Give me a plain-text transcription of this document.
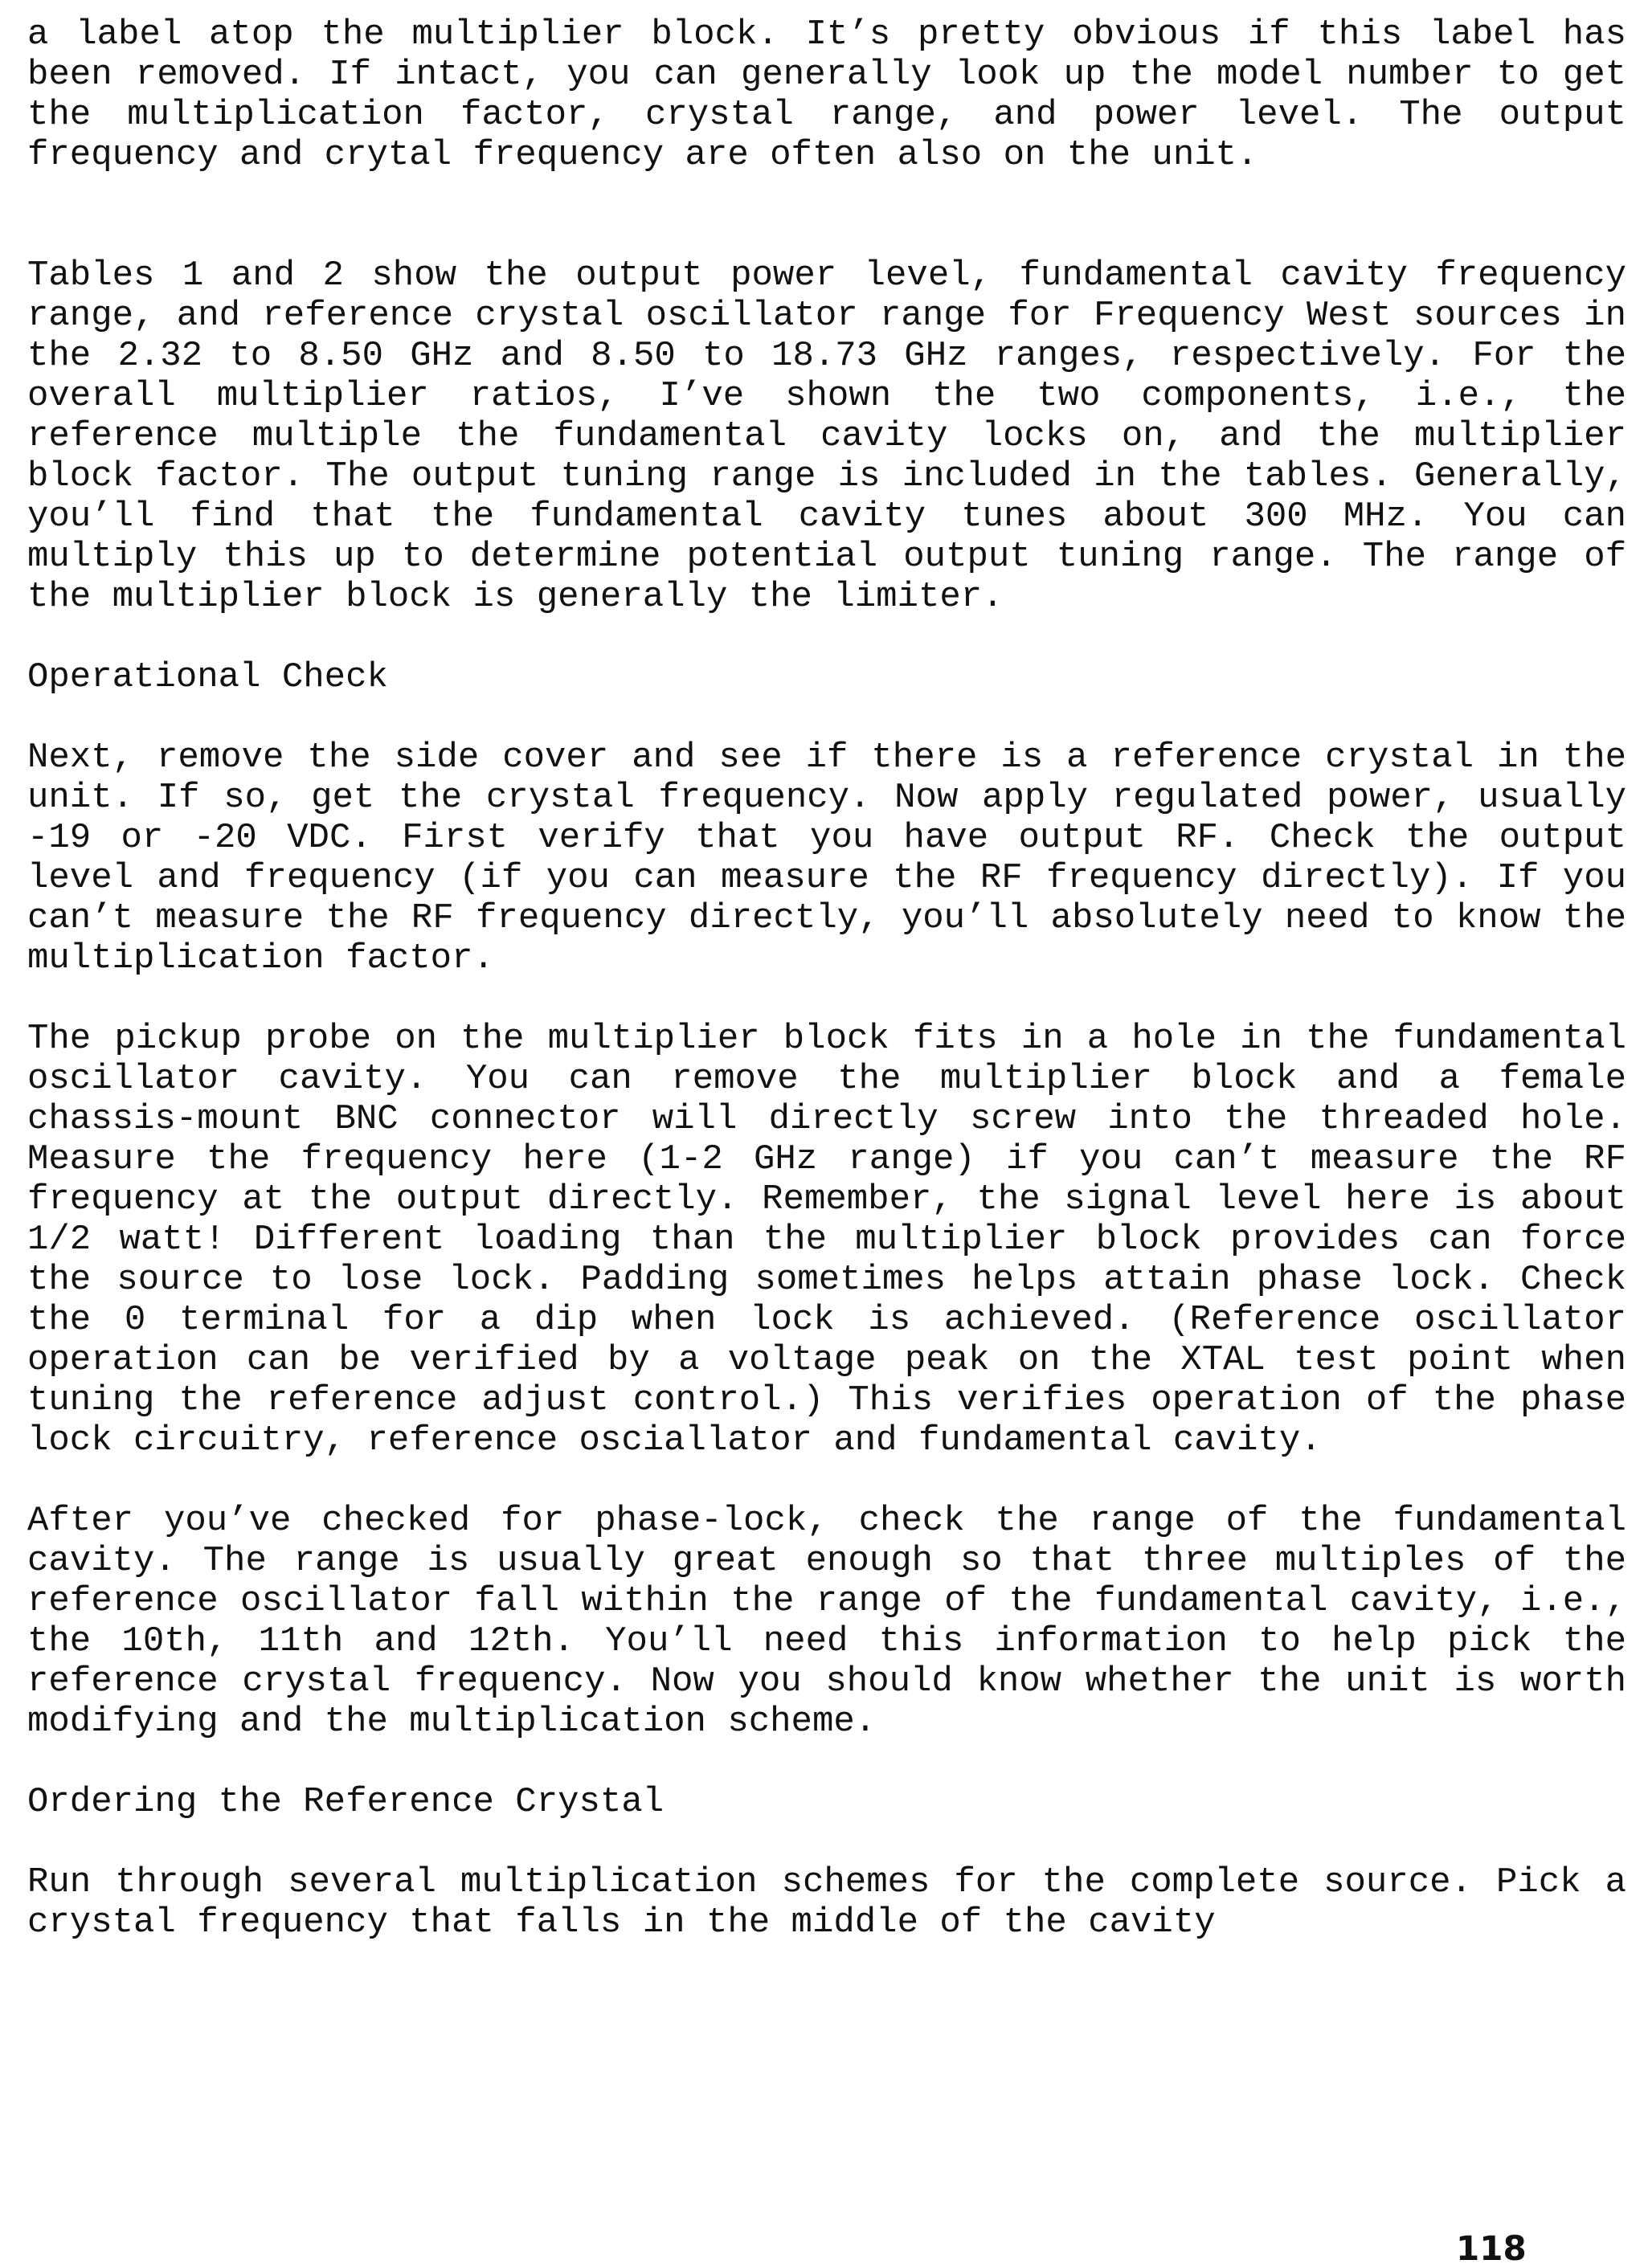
a label atop the multiplier block. It’s pretty obvious if this label has been removed. If intact, you can generally look up the model number to get the multiplication factor, crystal range, and power level. The output frequency and crytal frequency are often also on the unit.

Tables 1 and 2 show the output power level, fundamental cavity frequency range, and reference crystal oscillator range for Frequency West sources in the 2.32 to 8.50 GHz and 8.50 to 18.73 GHz ranges, respectively. For the overall multiplier ratios, I’ve shown the two components, i.e., the reference multiple the fundamental cavity locks on, and the multiplier block factor. The output tuning range is included in the tables. Generally, you’ll find that the fundamental cavity tunes about 300 MHz. You can multiply this up to determine potential output tuning range. The range of the multiplier block is generally the limiter.

Operational Check

Next, remove the side cover and see if there is a reference crystal in the unit. If so, get the crystal frequency. Now apply regulated power, usually -19 or -20 VDC. First verify that you have output RF. Check the output level and frequency (if you can measure the RF frequency directly). If you can’t measure the RF frequency directly, you’ll absolutely need to know the multiplication factor.

The pickup probe on the multiplier block fits in a hole in the fundamental oscillator cavity. You can remove the multiplier block and a female chassis-mount BNC connector will directly screw into the threaded hole. Measure the frequency here (1-2 GHz range) if you can’t measure the RF frequency at the output directly. Remember, the signal level here is about 1/2 watt! Different loading than the multiplier block provides can force the source to lose lock. Padding sometimes helps attain phase lock. Check the 0 terminal for a dip when lock is achieved. (Reference oscillator operation can be verified by a voltage peak on the XTAL test point when tuning the reference adjust control.) This verifies operation of the phase lock circuitry, reference osciallator and fundamental cavity.

After you’ve checked for phase-lock, check the range of the fundamental cavity. The range is usually great enough so that three multiples of the reference oscillator fall within the range of the fundamental cavity, i.e., the 10th, 11th and 12th. You’ll need this information to help pick the reference crystal frequency. Now you should know whether the unit is worth modifying and the multiplication scheme.

Ordering the Reference Crystal

Run through several multiplication schemes for the complete source. Pick a crystal frequency that falls in the middle of the cavity

118
